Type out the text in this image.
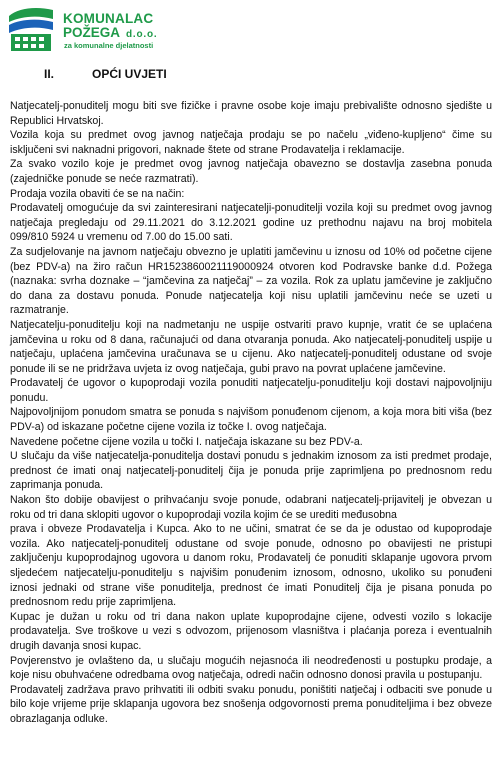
KOMUNALAC
POŽEGA d.o.o.
za komunalne djelatnosti
II.	OPĆI UVJETI

Natjecatelj-ponuditelj mogu biti sve fizičke i pravne osobe koje imaju prebivalište odnosno sjedište u Republici Hrvatskoj.

Vozila koja su predmet ovog javnog natječaja prodaju se po načelu „viđeno-kupljeno“ čime su isključeni svi naknadni prigovori, naknade štete od strane Prodavatelja i reklamacije.

Za svako vozilo koje je predmet ovog javnog natječaja obavezno se dostavlja zasebna ponuda (zajedničke ponude se neće razmatrati).

Prodaja vozila obaviti će se na način:

Prodavatelj omogućuje da svi zainteresirani natjecatelji-ponuditelji vozila koji su predmet ovog javnog natječaja pregledaju od 29.11.2021 do 3.12.2021 godine uz prethodnu najavu na broj mobitela 099/810 5924 u vremenu od 7.00 do 15.00 sati.

Za sudjelovanje na javnom natječaju obvezno je uplatiti jamčevinu u iznosu od 10% od početne cijene (bez PDV-a) na žiro račun HR1523860021119000924 otvoren kod Podravske banke d.d. Požega (naznaka: svrha doznake – “jamčevina za natječaj” – za vozila. Rok za uplatu jamčevine je zaključno do dana za dostavu ponuda. Ponude natjecatelja koji nisu uplatili jamčevinu neće se uzeti u razmatranje.

Natjecatelju-ponuditelju koji na nadmetanju ne uspije ostvariti pravo kupnje, vratit će se uplaćena jamčevina u roku od 8 dana, računajući od dana otvaranja ponuda. Ako natjecatelj-ponuditelj uspije u natječaju, uplaćena jamčevina uračunava se u cijenu. Ako natjecatelj-ponuditelj odustane od svoje ponude ili se ne pridržava uvjeta iz ovog natječaja, gubi pravo na povrat uplaćene jamčevine.

Prodavatelj će ugovor o kupoprodaji vozila ponuditi natjecatelju-ponuditelju koji dostavi najpovoljniju ponudu.

Najpovoljnijom ponudom smatra se ponuda s najvišom ponuđenom cijenom, a koja mora biti viša (bez PDV-a) od iskazane početne cijene vozila iz točke I. ovog natječaja.

Navedene početne cijene vozila u točki I. natječaja iskazane su bez PDV-a.

U slučaju da više natjecatelja-ponuditelja dostavi ponudu s jednakim iznosom za isti predmet prodaje, prednost će imati onaj natjecatelj-ponuditelj čija je ponuda prije zaprimljena po prednosnom redu zaprimanja ponuda.

Nakon što dobije obavijest o prihvaćanju svoje ponude, odabrani natjecatelj-prijavitelj je obvezan u roku od tri dana sklopiti ugovor o kupoprodaji vozila kojim će se urediti međusobna

prava i obveze Prodavatelja i Kupca. Ako to ne učini, smatrat će se da je odustao od kupoprodaje vozila. Ako natjecatelj-ponuditelj odustane od svoje ponude, odnosno po obavijesti ne pristupi zaključenju kupoprodajnog ugovora u danom roku, Prodavatelj će ponuditi sklapanje ugovora prvom sljedećem natjecatelju-ponuditelju s najvišim ponuđenim iznosom, odnosno, ukoliko su ponuđeni iznosi jednaki od strane više ponuditelja, prednost će imati Ponuditelj čija je pisana ponuda po prednosnom redu prije zaprimljena.

Kupac je dužan u roku od tri dana nakon uplate kupoprodajne cijene, odvesti vozilo s lokacije prodavatelja. Sve troškove u vezi s odvozom, prijenosom vlasništva i plaćanja poreza i eventualnih drugih davanja snosi kupac.

Povjerenstvo je ovlašteno da, u slučaju mogućih nejasnoća ili neodređenosti u postupku prodaje, a koje nisu obuhvaćene odredbama ovog natječaja, odredi način odnosno donosi pravila u postupanju.

Prodavatelj zadržava pravo prihvatiti ili odbiti svaku ponudu, poništiti natječaj i odbaciti sve ponude u bilo koje vrijeme prije sklapanja ugovora bez snošenja odgovornosti prema ponuditeljima i bez obveze obrazlaganja odluke.
